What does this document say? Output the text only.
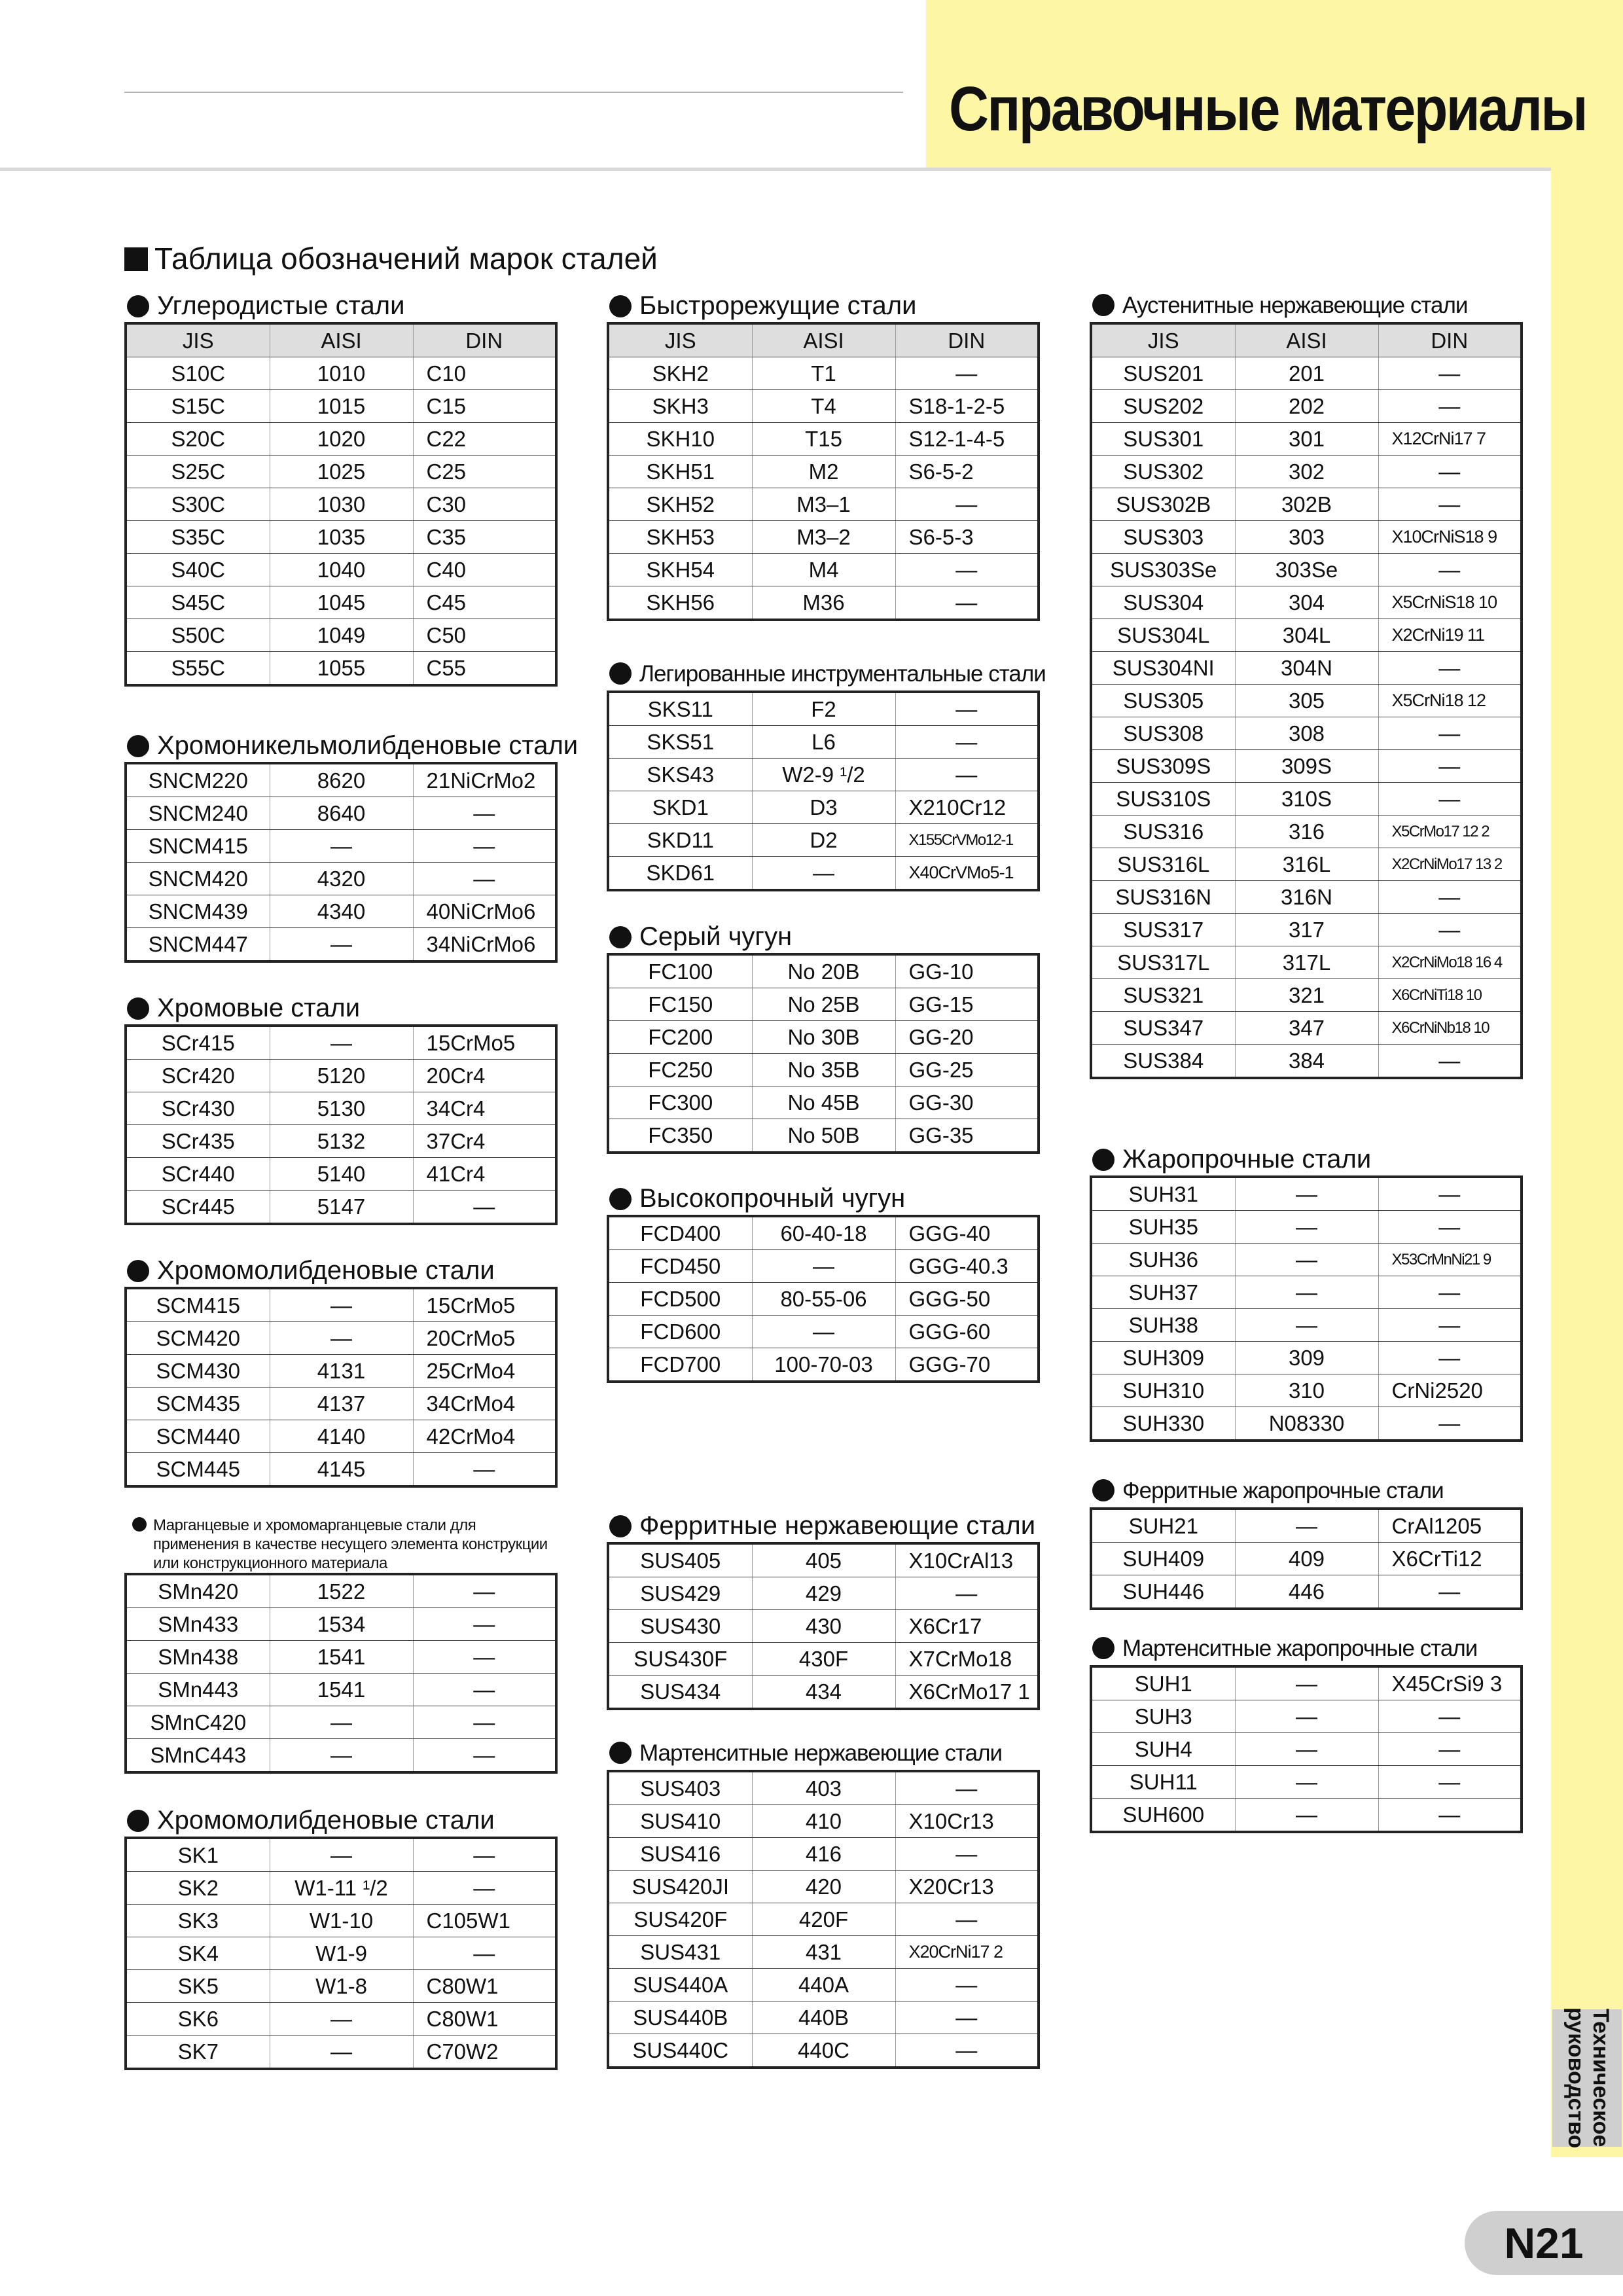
Справочные материалы
Таблица обозначений марок сталей
Углеродистые стали
JIS	AISI	DIN
S10C	1010	C10
S15C	1015	C15
S20C	1020	C22
S25C	1025	C25
S30C	1030	C30
S35C	1035	C35
S40C	1040	C40
S45C	1045	C45
S50C	1049	C50
S55C	1055	C55
Хромоникельмолибденовые стали
SNCM220	8620	21NiCrMo2
SNCM240	8640	—
SNCM415	—	—
SNCM420	4320	—
SNCM439	4340	40NiCrMo6
SNCM447	—	34NiCrMo6
Хромовые стали
SCr415	—	15CrMo5
SCr420	5120	20Cr4
SCr430	5130	34Cr4
SCr435	5132	37Cr4
SCr440	5140	41Cr4
SCr445	5147	—
Хромомолибденовые стали
SCM415	—	15CrMo5
SCM420	—	20CrMo5
SCM430	4131	25CrMo4
SCM435	4137	34CrMo4
SCM440	4140	42CrMo4
SCM445	4145	—
Марганцевые и хромомарганцевые стали для применения в качестве несущего элемента конструкции или конструкционного материала
SMn420	1522	—
SMn433	1534	—
SMn438	1541	—
SMn443	1541	—
SMnC420	—	—
SMnC443	—	—
Хромомолибденовые стали
SK1	—	—
SK2	W1-11 ¹/2	—
SK3	W1-10	C105W1
SK4	W1-9	—
SK5	W1-8	C80W1
SK6	—	C80W1
SK7	—	C70W2
Быстрорежущие стали
JIS	AISI	DIN
SKH2	T1	—
SKH3	T4	S18-1-2-5
SKH10	T15	S12-1-4-5
SKH51	M2	S6-5-2
SKH52	M3–1	—
SKH53	M3–2	S6-5-3
SKH54	M4	—
SKH56	M36	—
Легированные инструментальные стали
SKS11	F2	—
SKS51	L6	—
SKS43	W2-9 ¹/2	—
SKD1	D3	X210Cr12
SKD11	D2	X155CrVMo12-1
SKD61	—	X40CrVMo5-1
Серый чугун
FC100	No 20B	GG-10
FC150	No 25B	GG-15
FC200	No 30B	GG-20
FC250	No 35B	GG-25
FC300	No 45B	GG-30
FC350	No 50B	GG-35
Высокопрочный чугун
FCD400	60-40-18	GGG-40
FCD450	—	GGG-40.3
FCD500	80-55-06	GGG-50
FCD600	—	GGG-60
FCD700	100-70-03	GGG-70
Ферритные нержавеющие стали
SUS405	405	X10CrAl13
SUS429	429	—
SUS430	430	X6Cr17
SUS430F	430F	X7CrMo18
SUS434	434	X6CrMo17 1
Мартенситные нержавеющие стали
SUS403	403	—
SUS410	410	X10Cr13
SUS416	416	—
SUS420JI	420	X20Cr13
SUS420F	420F	—
SUS431	431	X20CrNi17 2
SUS440A	440A	—
SUS440B	440B	—
SUS440C	440C	—
Аустенитные нержавеющие стали
JIS	AISI	DIN
SUS201	201	—
SUS202	202	—
SUS301	301	X12CrNi17 7
SUS302	302	—
SUS302B	302B	—
SUS303	303	X10CrNiS18 9
SUS303Se	303Se	—
SUS304	304	X5CrNiS18 10
SUS304L	304L	X2CrNi19 11
SUS304NI	304N	—
SUS305	305	X5CrNi18 12
SUS308	308	—
SUS309S	309S	—
SUS310S	310S	—
SUS316	316	X5CrMo17 12 2
SUS316L	316L	X2CrNiMo17 13 2
SUS316N	316N	—
SUS317	317	—
SUS317L	317L	X2CrNiMo18 16 4
SUS321	321	X6CrNiTi18 10
SUS347	347	X6CrNiNb18 10
SUS384	384	—
Жаропрочные стали
SUH31	—	—
SUH35	—	—
SUH36	—	X53CrMnNi21 9
SUH37	—	—
SUH38	—	—
SUH309	309	—
SUH310	310	CrNi2520
SUH330	N08330	—
Ферритные жаропрочные стали
SUH21	—	CrAl1205
SUH409	409	X6CrTi12
SUH446	446	—
Мартенситные жаропрочные стали
SUH1	—	X45CrSi9 3
SUH3	—	—
SUH4	—	—
SUH11	—	—
SUH600	—	—
Техническое руководство
N21
